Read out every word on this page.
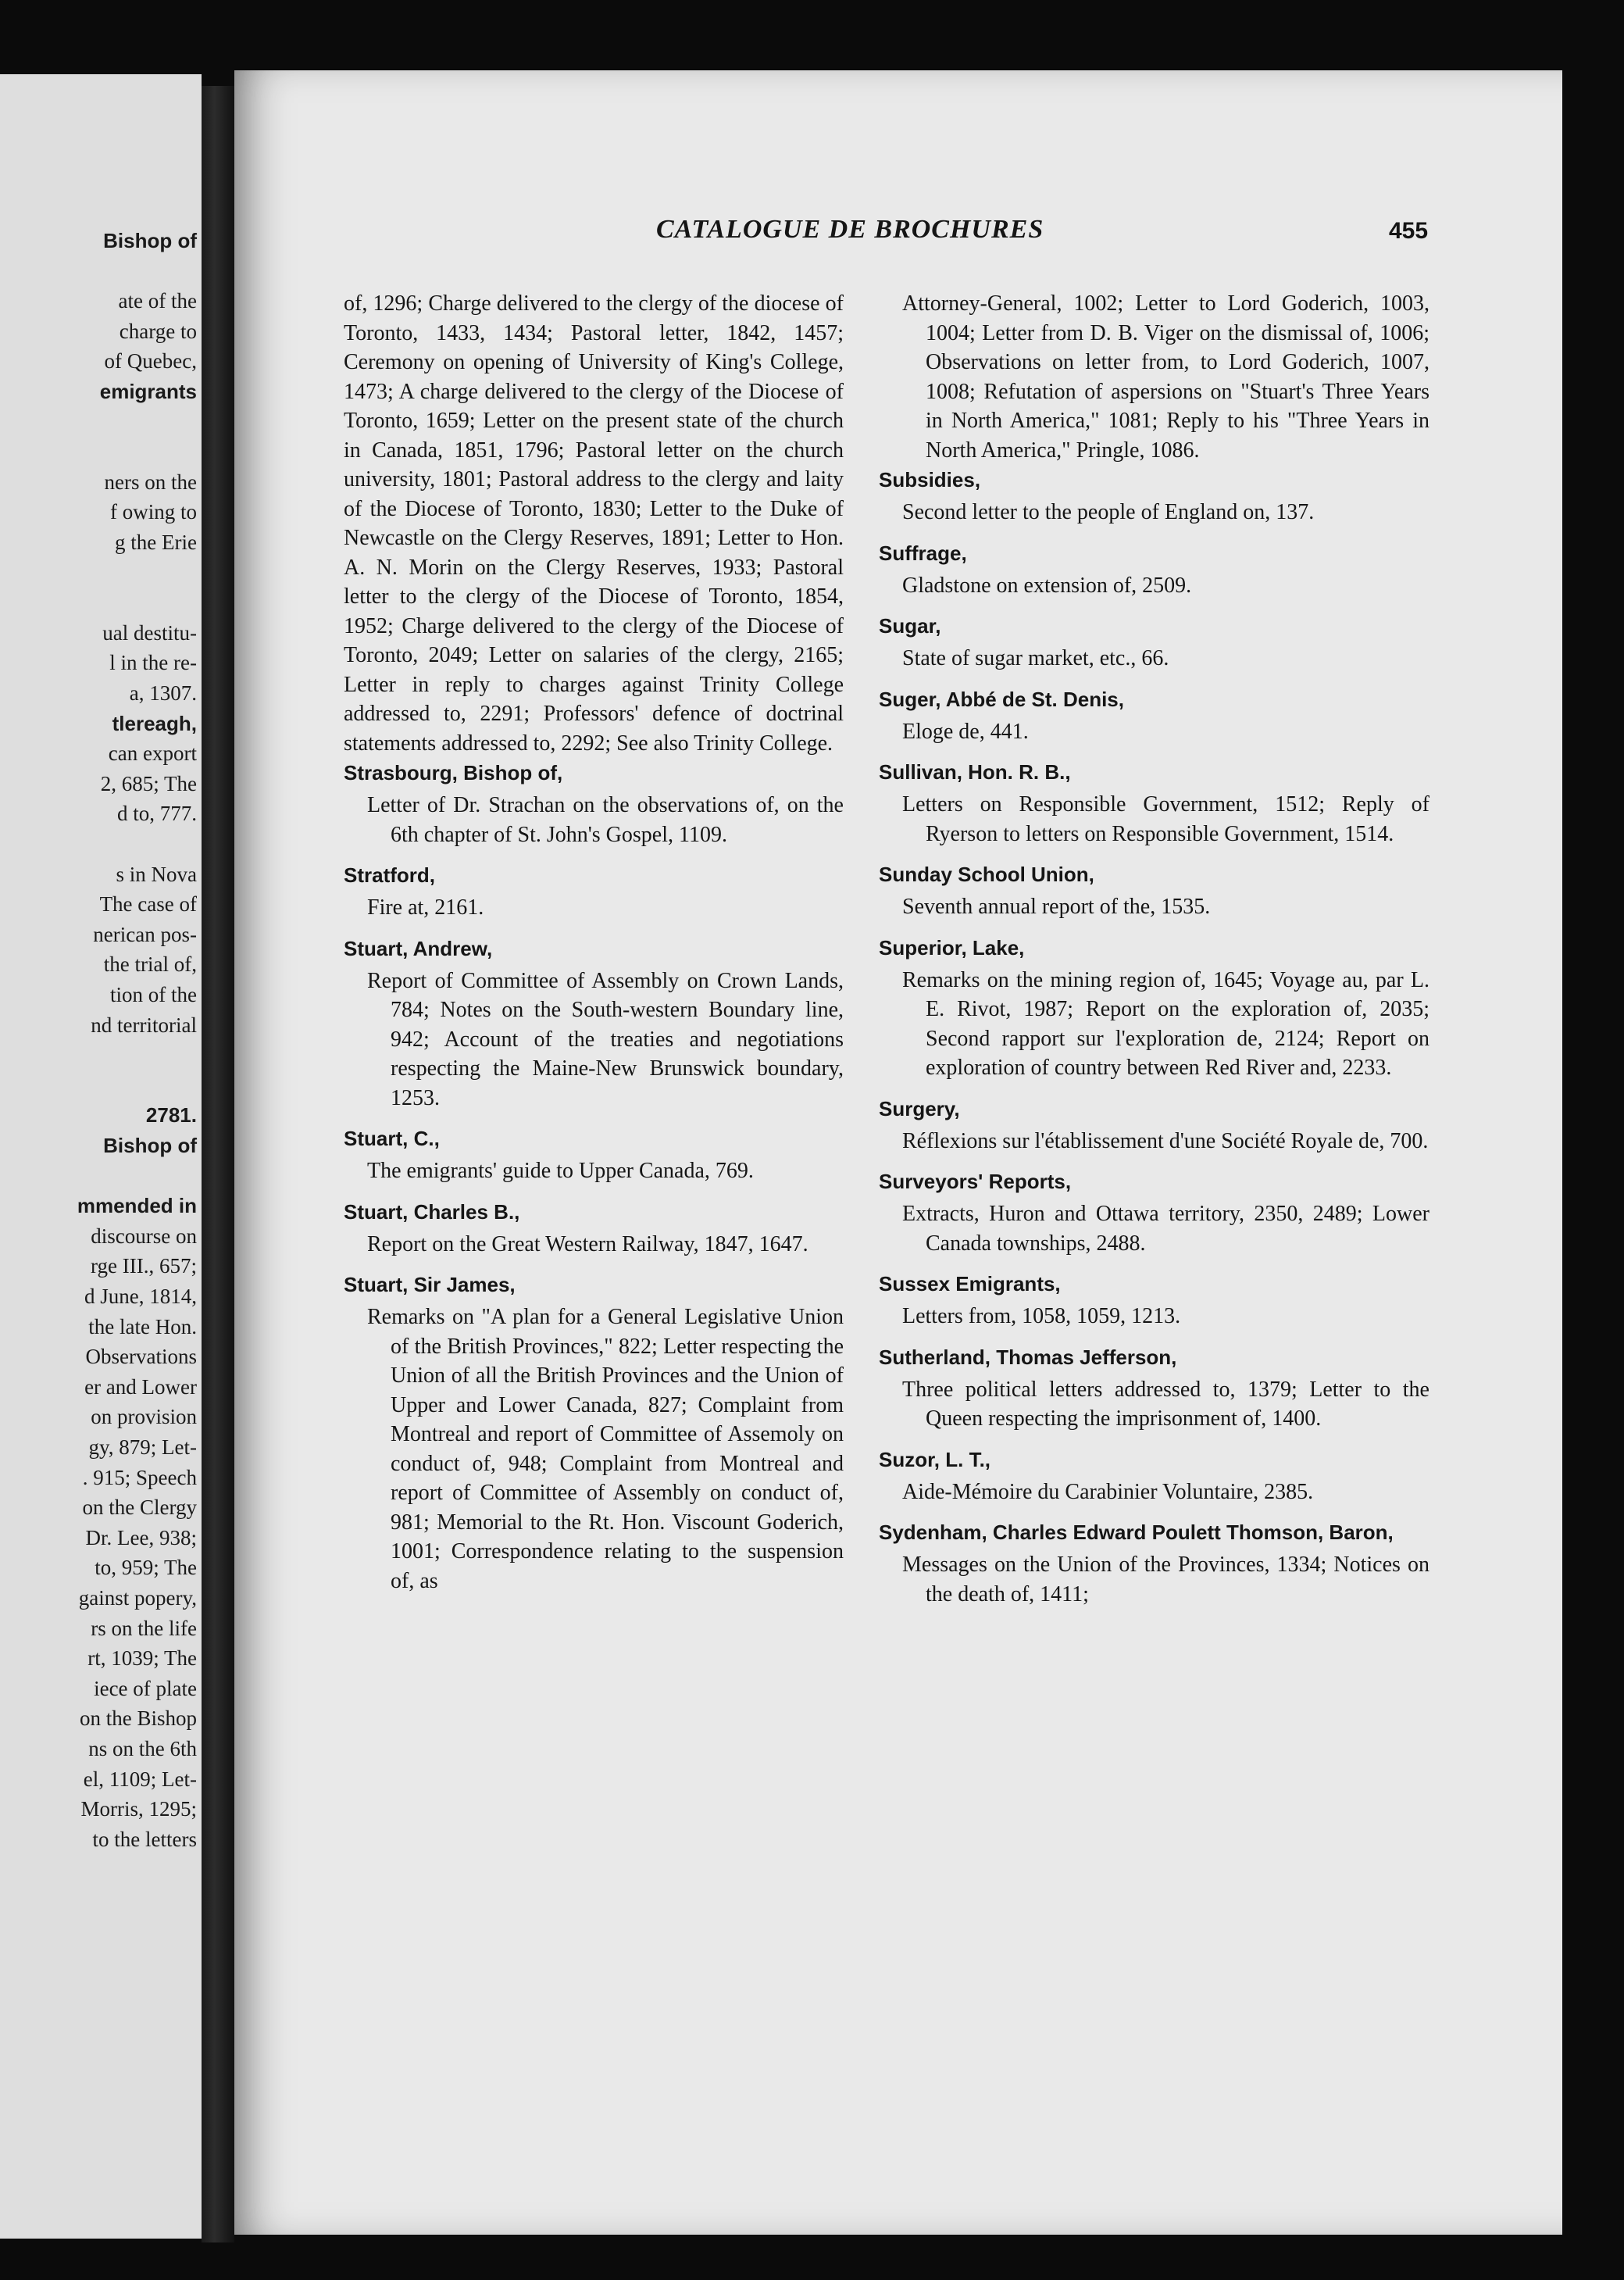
Bishop of
ate of the
charge to
of Quebec,
emigrants
ners on the
f owing to
g the Erie
ual destitu-
l in the re-
a, 1307.
tlereagh,
can export
2, 685; The
d to, 777.
s in Nova
The case of
nerican pos-
the trial of,
tion of the
nd territorial
2781.
Bishop of
mmended in
discourse on
rge III., 657;
d June, 1814,
the late Hon.
Observations
er and Lower
on provision
gy, 879; Let-
. 915; Speech
on the Clergy
Dr. Lee, 938;
to, 959; The
gainst popery,
rs on the life
rt, 1039; The
iece of plate
on the Bishop
ns on the 6th
el, 1109; Let-
Morris, 1295;
to the letters
CATALOGUE DE BROCHURES	455

of, 1296; Charge delivered to the clergy of the diocese of Toronto, 1433, 1434; Pastoral letter, 1842, 1457; Ceremony on opening of University of King's College, 1473; A charge delivered to the clergy of the Diocese of Toronto, 1659; Letter on the present state of the church in Canada, 1851, 1796; Pastoral letter on the church university, 1801; Pastoral address to the clergy and laity of the Diocese of Toronto, 1830; Letter to the Duke of Newcastle on the Clergy Reserves, 1891; Letter to Hon. A. N. Morin on the Clergy Reserves, 1933; Pastoral letter to the clergy of the Diocese of Toronto, 1854, 1952; Charge delivered to the clergy of the Diocese of Toronto, 2049; Letter on salaries of the clergy, 2165; Letter in reply to charges against Trinity College addressed to, 2291; Professors' defence of doctrinal statements addressed to, 2292; See also Trinity College.

Strasbourg, Bishop of,

Letter of Dr. Strachan on the observations of, on the 6th chapter of St. John's Gospel, 1109.

Stratford,

Fire at, 2161.

Stuart, Andrew,

Report of Committee of Assembly on Crown Lands, 784; Notes on the South-western Boundary line, 942; Account of the treaties and negotiations respecting the Maine-New Brunswick boundary, 1253.

Stuart, C.,

The emigrants' guide to Upper Canada, 769.

Stuart, Charles B.,

Report on the Great Western Railway, 1847, 1647.

Stuart, Sir James,

Remarks on "A plan for a General Legislative Union of the British Provinces," 822; Letter respecting the Union of all the British Provinces and the Union of Upper and Lower Canada, 827; Complaint from Montreal and report of Committee of Assemoly on conduct of, 948; Complaint from Montreal and report of Committee of Assembly on conduct of, 981; Memorial to the Rt. Hon. Viscount Goderich, 1001; Correspondence relating to the suspension of, as

Attorney-General, 1002; Letter to Lord Goderich, 1003, 1004; Letter from D. B. Viger on the dismissal of, 1006; Observations on letter from, to Lord Goderich, 1007, 1008; Refutation of aspersions on "Stuart's Three Years in North America," 1081; Reply to his "Three Years in North America," Pringle, 1086.

Subsidies,

Second letter to the people of England on, 137.

Suffrage,

Gladstone on extension of, 2509.

Sugar,

State of sugar market, etc., 66.

Suger, Abbé de St. Denis,

Eloge de, 441.

Sullivan, Hon. R. B.,

Letters on Responsible Government, 1512; Reply of Ryerson to letters on Responsible Government, 1514.

Sunday School Union,

Seventh annual report of the, 1535.

Superior, Lake,

Remarks on the mining region of, 1645; Voyage au, par L. E. Rivot, 1987; Report on the exploration of, 2035; Second rapport sur l'exploration de, 2124; Report on exploration of country between Red River and, 2233.

Surgery,

Réflexions sur l'établissement d'une Société Royale de, 700.

Surveyors' Reports,

Extracts, Huron and Ottawa territory, 2350, 2489; Lower Canada townships, 2488.

Sussex Emigrants,

Letters from, 1058, 1059, 1213.

Sutherland, Thomas Jefferson,

Three political letters addressed to, 1379; Letter to the Queen respecting the imprisonment of, 1400.

Suzor, L. T.,

Aide-Mémoire du Carabinier Voluntaire, 2385.

Sydenham, Charles Edward Poulett Thomson, Baron,

Messages on the Union of the Provinces, 1334; Notices on the death of, 1411;
